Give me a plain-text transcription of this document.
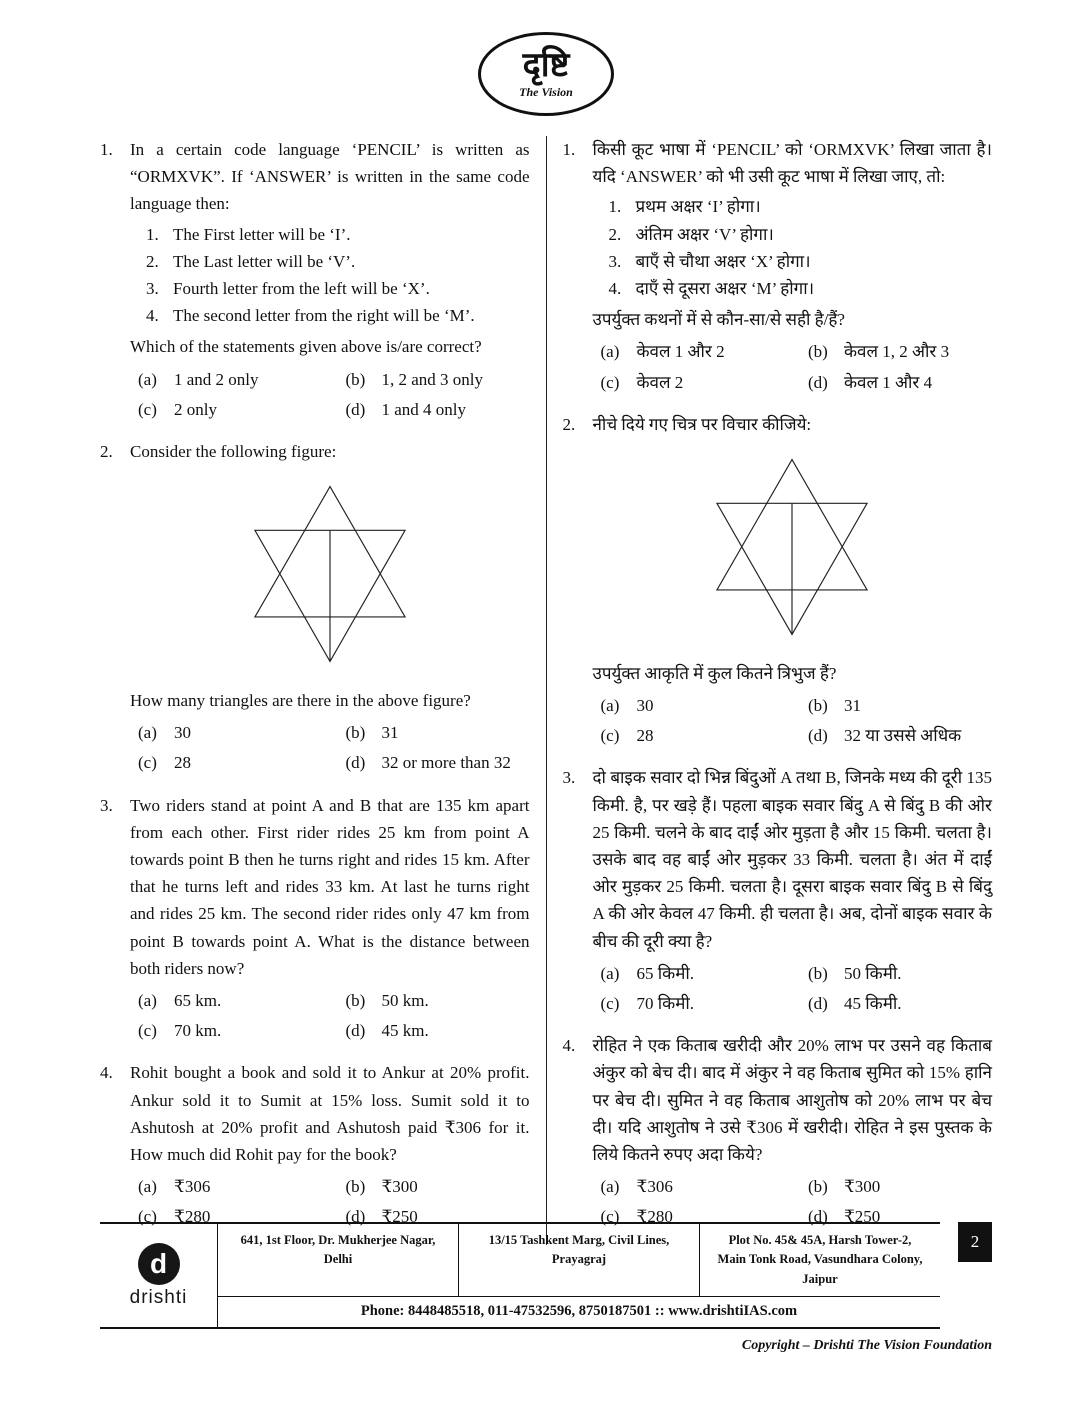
दृष्टि
The Vision
1.	In a certain code language ‘PENCIL’ is written as “ORMXVK”. If ‘ANSWER’ is written in the same code language then:

1. The First letter will be ‘I’.
2. The Last letter will be ‘V’.
3. Fourth letter from the left will be ‘X’.
4. The second letter from the right will be ‘M’.

Which of the statements given above is/are correct?

(a)	1 and 2 only	(b) 1, 2 and 3 only
(c)	2 only	(d) 1 and 4 only
2.	Consider the following figure:

How many triangles are there in the above figure?

(a)	30	(b) 31
(c)	28	(d) 32 or more than 32
3.	Two riders stand at point A and B that are 135 km apart from each other. First rider rides 25 km from point A towards point B then he turns right and rides 15 km. After that he turns left and rides 33 km. At last he turns right and rides 25 km. The second rider rides only 47 km from point B towards point A. What is the distance between both riders now?

(a)	65 km.	(b) 50 km.
(c)	70 km.	(d) 45 km.
4.	Rohit bought a book and sold it to Ankur at 20% profit. Ankur sold it to Sumit at 15% loss. Sumit sold it to Ashutosh at 20% profit and Ashutosh paid ₹306 for it. How much did Rohit pay for the book?

(a)	₹306	(b) ₹300
(c)	₹280	(d) ₹250
1.	किसी कूट भाषा में ‘PENCIL’ को ‘ORMXVK’ लिखा जाता है। यदि ‘ANSWER’ को भी उसी कूट भाषा में लिखा जाए, तो:

1. प्रथम अक्षर ‘I’ होगा।
2. अंतिम अक्षर ‘V’ होगा।
3. बाएँ से चौथा अक्षर ‘X’ होगा।
4. दाएँ से दूसरा अक्षर ‘M’ होगा।

उपर्युक्त कथनों में से कौन-सा/से सही है/हैं?

(a)	केवल 1 और 2	(b) केवल 1, 2 और 3
(c)	केवल 2	(d) केवल 1 और 4
2.	नीचे दिये गए चित्र पर विचार कीजिये:

उपर्युक्त आकृति में कुल कितने त्रिभुज हैं?

(a)	30	(b) 31
(c)	28	(d) 32 या उससे अधिक
3.	दो बाइक सवार दो भिन्न बिंदुओं A तथा B, जिनके मध्य की दूरी 135 किमी. है, पर खड़े हैं। पहला बाइक सवार बिंदु A से बिंदु B की ओर 25 किमी. चलने के बाद दाईं ओर मुड़ता है और 15 किमी. चलता है। उसके बाद वह बाईं ओर मुड़कर 33 किमी. चलता है। अंत में दाईं ओर मुड़कर 25 किमी. चलता है। दूसरा बाइक सवार बिंदु B से बिंदु A की ओर केवल 47 किमी. ही चलता है। अब, दोनों बाइक सवार के बीच की दूरी क्या है?

(a)	65 किमी.	(b) 50 किमी.
(c)	70 किमी.	(d) 45 किमी.
4.	रोहित ने एक किताब खरीदी और 20% लाभ पर उसने वह किताब अंकुर को बेच दी। बाद में अंकुर ने वह किताब सुमित को 15% हानि पर बेच दी। सुमित ने वह किताब आशुतोष को 20% लाभ पर बेच दी। यदि आशुतोष ने उसे ₹306 में खरीदी। रोहित ने इस पुस्तक के लिये कितने रुपए अदा किये?

(a)	₹306	(b) ₹300
(c)	₹280	(d) ₹250
d
drishti
641, 1st Floor, Dr. Mukherjee Nagar,
Delhi
13/15 Tashkent Marg, Civil Lines,
Prayagraj
Plot No. 45& 45A, Harsh Tower-2,
Main Tonk Road, Vasundhara Colony, Jaipur
Phone: 8448485518, 011-47532596, 8750187501 :: www.drishtiIAS.com
2
Copyright – Drishti The Vision Foundation
